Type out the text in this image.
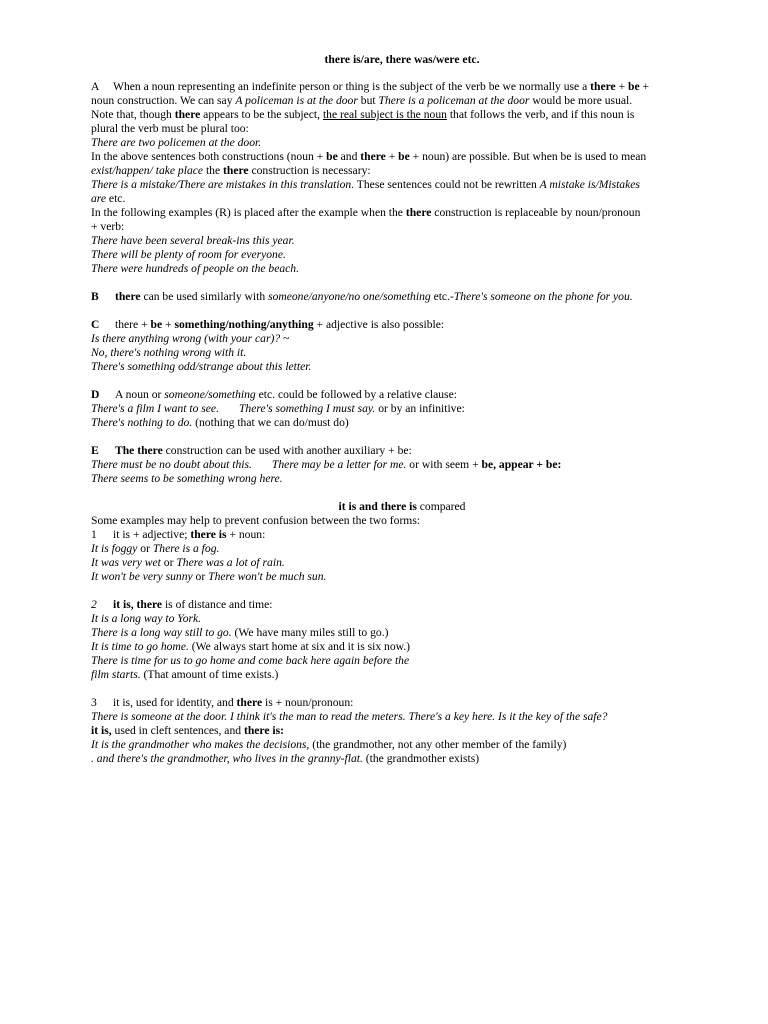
there is/are, there was/were etc.
A When a noun representing an indefinite person or thing is the subject of the verb be we normally use a there + be +
noun construction. We can say A policeman is at the door but There is a policeman at the door would be more usual.
Note that, though there appears to be the subject, the real subject is the noun that follows the verb, and if this noun is
plural the verb must be plural too:
There are two policemen at the door.
In the above sentences both constructions (noun + be and there + be + noun) are possible. But when be is used to mean
exist/happen/ take place the there construction is necessary:
There is a mistake/There are mistakes in this translation. These sentences could not be rewritten A mistake is/Mistakes
are etc.
In the following examples (R) is placed after the example when the there construction is replaceable by noun/pronoun
+ verb:
There have been several break-ins this year.
There will be plenty of room for everyone.
There were hundreds of people on the beach.
B there can be used similarly with someone/anyone/no one/something etc.-There's someone on the phone for you.
C there + be + something/nothing/anything + adjective is also possible:
Is there anything wrong (with your car)? ~
No, there's nothing wrong with it.
There's something odd/strange about this letter.
D A noun or someone/something etc. could be followed by a relative clause:
There's a film I want to see. There's something I must say. or by an infinitive:
There's nothing to do. (nothing that we can do/must do)
E The there construction can be used with another auxiliary + be:
There must be no doubt about this. There may be a letter for me. or with seem + be, appear + be:
There seems to be something wrong here.
it is and there is compared
Some examples may help to prevent confusion between the two forms:
1 it is + adjective; there is + noun:
It is foggy or There is a fog.
It was very wet or There was a lot of rain.
It won't be very sunny or There won't be much sun.
2 it is, there is of distance and time:
It is a long way to York.
There is a long way still to go. (We have many miles still to go.)
It is time to go home. (We always start home at six and it is six now.)
There is time for us to go home and come back here again before the
film starts. (That amount of time exists.)
3 it is, used for identity, and there is + noun/pronoun:
There is someone at the door. I think it's the man to read the meters. There's a key here. Is it the key of the safe?
it is, used in cleft sentences, and there is:
It is the grandmother who makes the decisions, (the grandmother, not any other member of the family)
. and there's the grandmother, who lives in the granny-flat. (the grandmother exists)
